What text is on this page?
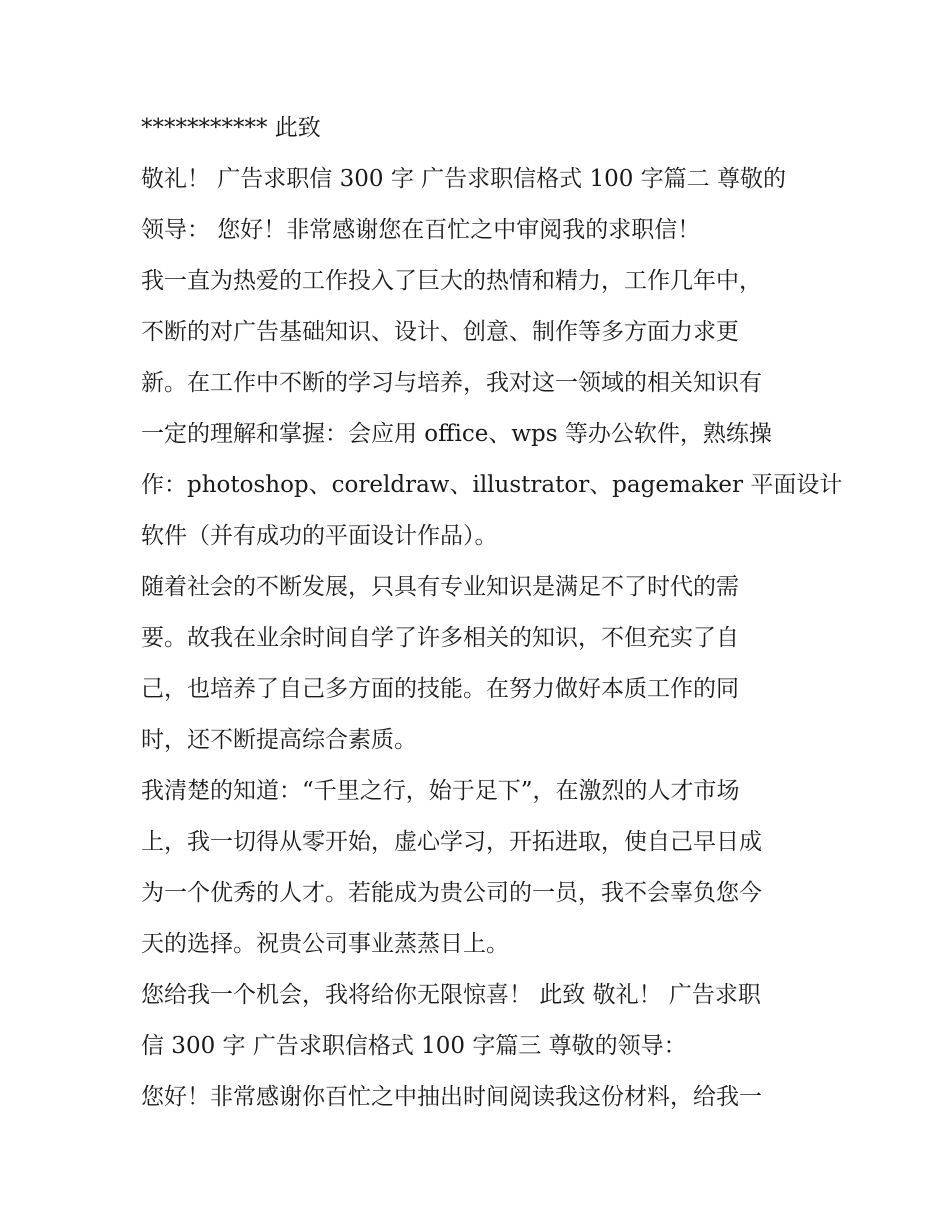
*********** 此致
敬礼！ 广告求职信 300 字 广告求职信格式 100 字篇二 尊敬的
领导： 您好！非常感谢您在百忙之中审阅我的求职信！
我一直为热爱的工作投入了巨大的热情和精力，工作几年中，
不断的对广告基础知识、设计、创意、制作等多方面力求更
新。在工作中不断的学习与培养，我对这一领域的相关知识有
一定的理解和掌握：会应用 office、wps 等办公软件，熟练操
作：photoshop、coreldraw、illustrator、pagemaker 平面设计
软件（并有成功的平面设计作品）。
随着社会的不断发展，只具有专业知识是满足不了时代的需
要。故我在业余时间自学了许多相关的知识，不但充实了自
己，也培养了自己多方面的技能。在努力做好本质工作的同
时，还不断提高综合素质。
我清楚的知道：“千里之行，始于足下”，在激烈的人才市场
上，我一切得从零开始，虚心学习，开拓进取，使自己早日成
为一个优秀的人才。若能成为贵公司的一员，我不会辜负您今
天的选择。祝贵公司事业蒸蒸日上。
您给我一个机会，我将给你无限惊喜！ 此致 敬礼！ 广告求职
信 300 字 广告求职信格式 100 字篇三 尊敬的领导：
您好！非常感谢你百忙之中抽出时间阅读我这份材料，给我一
